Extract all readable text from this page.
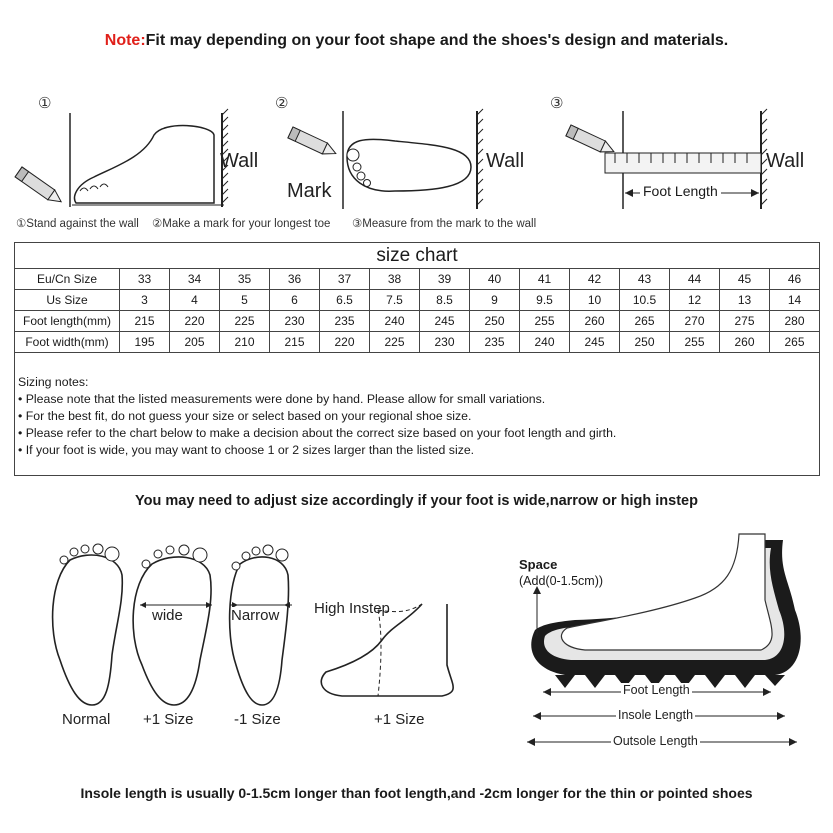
Note:Fit may depending on your foot shape and the shoes's design and materials.
①
Wall
②
Mark
Wall
③
Foot Length
Wall
①Stand against the wall ②Make a mark for your longest toe ③Measure from the mark to the wall
size chart
Eu/Cn Size	33	34	35	36	37	38	39	40	41	42	43	44	45	46
Us Size	3	4	5	6	6.5	7.5	8.5	9	9.5	10	10.5	12	13	14
Foot length(mm)	215	220	225	230	235	240	245	250	255	260	265	270	275	280
Foot width(mm)	195	205	210	215	220	225	230	235	240	245	250	255	260	265
Sizing notes:
• Please note that the listed measurements were done by hand. Please allow for small variations.
• For the best fit, do not guess your size or select based on your regional shoe size.
• Please refer to the chart below to make a decision about the correct size based on your foot length and girth.
• If your foot is wide, you may want to choose 1 or 2 sizes larger than the listed size.
You may need to adjust size accordingly if your foot is wide,narrow or high instep
wide	Narrow High Instep
Normal +1 Size	-1 Size	+1 Size
Space
(Add(0-1.5cm))
Foot Length
Insole Length
Outsole Length
Insole length is usually 0-1.5cm longer than foot length,and -2cm longer for the thin or pointed shoes
